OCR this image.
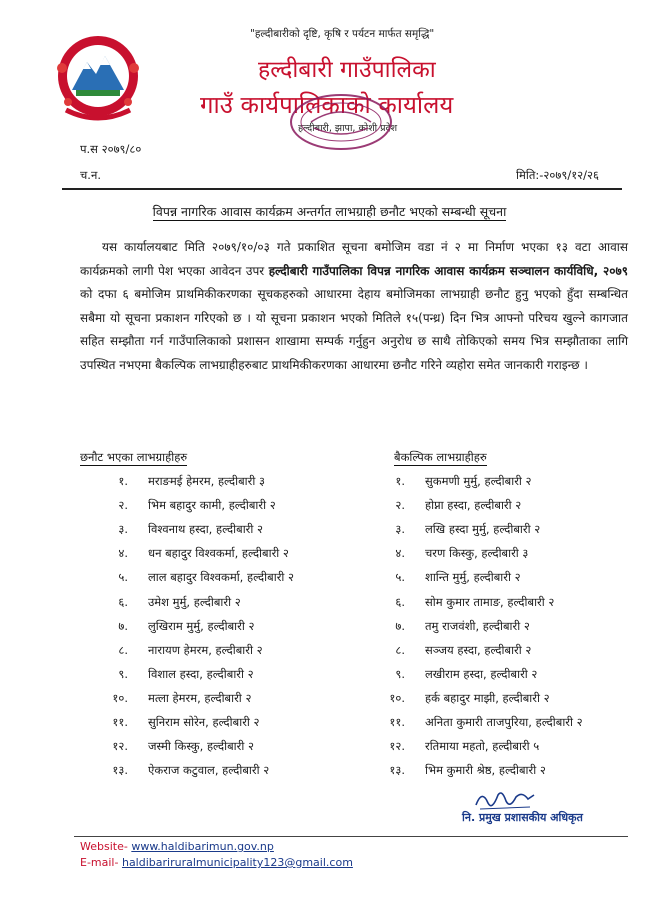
"हल्दीबारीको दृष्टि, कृषि र पर्यटन मार्फत समृद्धि"
हल्दीबारी गाउँपालिका
गाउँ कार्यपालिकाको कार्यालय
हल्दीबारी, झापा, कोशी प्रदेश
प.स २०७९/८०
च.न.	मिति:-२०७९/१२/२६
विपन्न नागरिक आवास कार्यक्रम अन्तर्गत लाभग्राही छनौट भएको सम्बन्धी सूचना
यस कार्यालयबाट मिति २०७९/१०/०३ गते प्रकाशित सूचना बमोजिम वडा नं २ मा निर्माण भएका १३ वटा आवास कार्यक्रमको लागी पेश भएका आवेदन उपर हल्दीबारी गाउँपालिका विपन्न नागरिक आवास कार्यक्रम सञ्चालन कार्यविधि, २०७९ को दफा ६ बमोजिम प्राथमिकीकरणका सूचकहरुको आधारमा देहाय बमोजिमका लाभग्राही छनौट हुनु भएको हुँदा सम्बन्धित सबैमा यो सूचना प्रकाशन गरिएको छ । यो सूचना प्रकाशन भएको मितिले १५(पन्ध्र) दिन भित्र आफ्नो परिचय खुल्ने कागजात सहित सम्झौता गर्न गाउँपालिकाको प्रशासन शाखामा सम्पर्क गर्नुहुन अनुरोध छ साथै तोकिएको समय भित्र सम्झौताका लागि उपस्थित नभएमा बैकल्पिक लाभग्राहीहरुबाट प्राथमिकीकरणका आधारमा छनौट गरिने व्यहोरा समेत जानकारी गराइन्छ ।
छनौट भएका लाभग्राहीहरु	बैकल्पिक लाभग्राहीहरु
१. मराङमई हेमरम, हल्दीबारी ३
२. भिम बहादुर कामी, हल्दीबारी २
३. विश्वनाथ हस्दा, हल्दीबारी २
४. धन बहादुर विश्वकर्मा, हल्दीबारी २
५. लाल बहादुर विश्वकर्मा, हल्दीबारी २
६. उमेश मुर्मु, हल्दीबारी २
७. लुखिराम मुर्मु, हल्दीबारी २
८. नारायण हेमरम, हल्दीबारी २
९. विशाल हस्दा, हल्दीबारी २
१०. मत्ला हेमरम, हल्दीबारी २
११. सुनिराम सोरेन, हल्दीबारी २
१२. जस्मी किस्कु, हल्दीबारी २
१३. ऐकराज कटुवाल, हल्दीबारी २
१. सुकमणी मुर्मु, हल्दीबारी २
२. होप्ना हस्दा, हल्दीबारी २
३. लखि हस्दा मुर्मु, हल्दीबारी २
४. चरण किस्कु, हल्दीबारी ३
५. शान्ति मुर्मु, हल्दीबारी २
६. सोम कुमार तामाङ, हल्दीबारी २
७. तमु राजवंशी, हल्दीबारी २
८. सञ्जय हस्दा, हल्दीबारी २
९. लखीराम हस्दा, हल्दीबारी २
१०. हर्क बहादुर माझी, हल्दीबारी २
११. अनिता कुमारी ताजपुरिया, हल्दीबारी २
१२. रतिमाया महतो, हल्दीबारी ५
१३. भिम कुमारी श्रेष्ठ, हल्दीबारी २
नि. प्रमुख प्रशासकीय अधिकृत
Website- www.haldibarimun.gov.np
E-mail- haldibariruralmunicipality123@gmail.com
